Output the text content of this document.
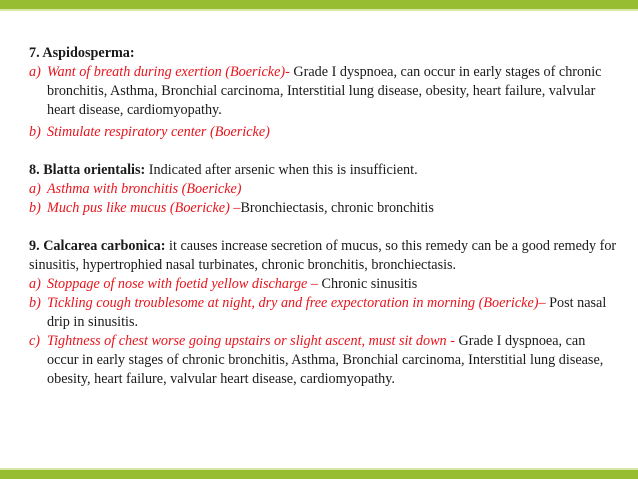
7. Aspidosperma:

a) Want of breath during exertion (Boericke)- Grade I dyspnoea, can occur in early stages of chronic bronchitis, Asthma, Bronchial carcinoma, Interstitial lung disease, obesity, heart failure, valvular heart disease, cardiomyopathy.

b) Stimulate respiratory center (Boericke)

8. Blatta orientalis: Indicated after arsenic when this is insufficient.

a) Asthma with bronchitis (Boericke)

b) Much pus like mucus (Boericke) –Bronchiectasis, chronic bronchitis

9. Calcarea carbonica: it causes increase secretion of mucus, so this remedy can be a good remedy for sinusitis, hypertrophied nasal turbinates, chronic bronchitis, bronchiectasis.

a) Stoppage of nose with foetid yellow discharge – Chronic sinusitis

b) Tickling cough troublesome at night, dry and free expectoration in morning (Boericke)– Post nasal drip in sinusitis.

c) Tightness of chest worse going upstairs or slight ascent, must sit down - Grade I dyspnoea, can occur in early stages of chronic bronchitis, Asthma, Bronchial carcinoma, Interstitial lung disease, obesity, heart failure, valvular heart disease, cardiomyopathy.
